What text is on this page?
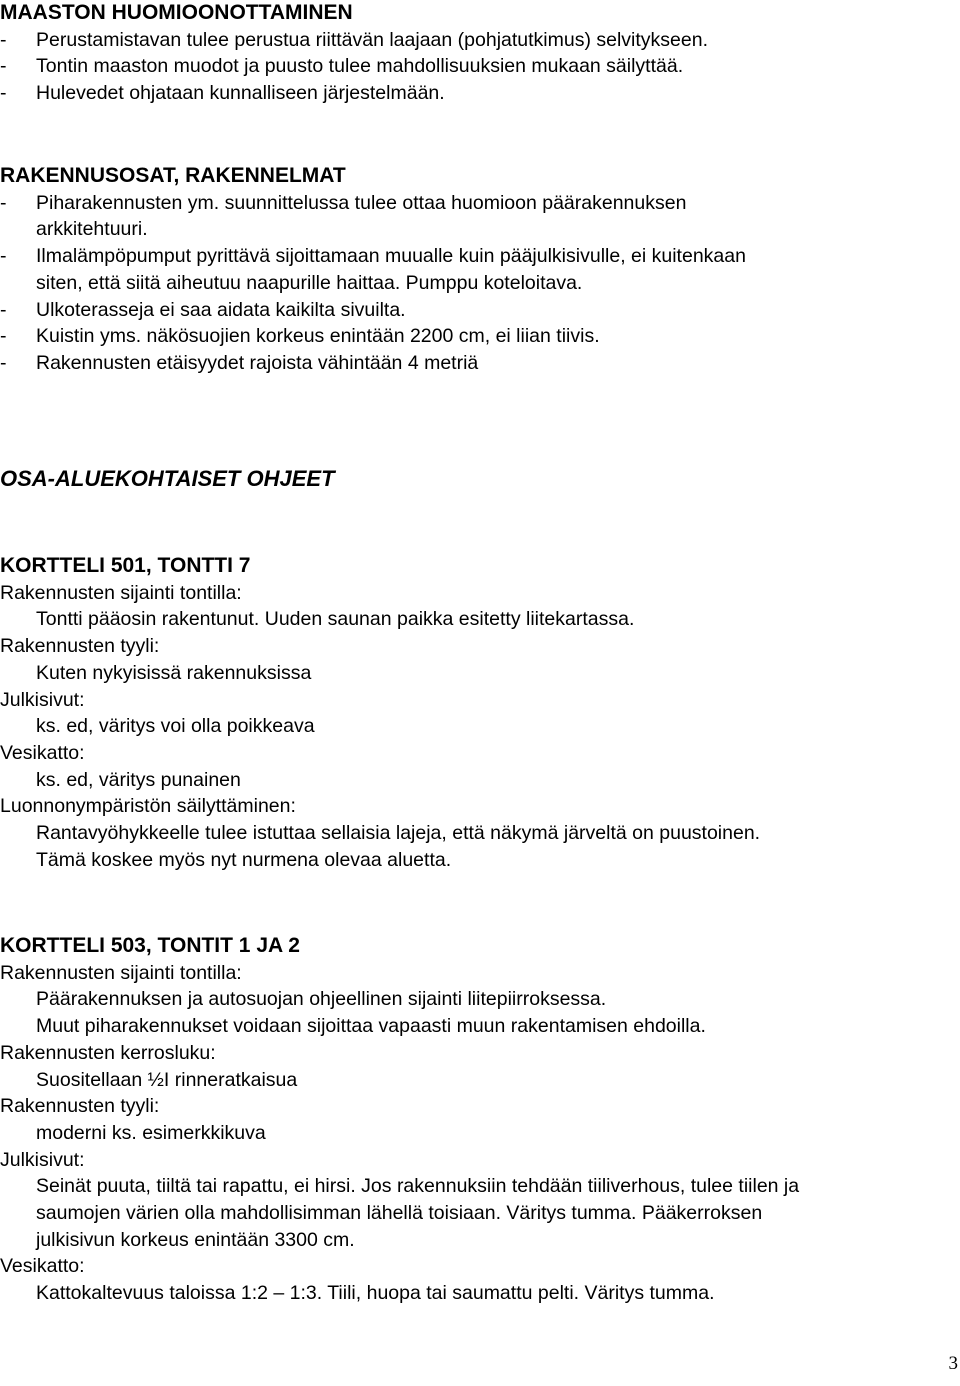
MAASTON HUOMIOONOTTAMINEN
-	Perustamistavan tulee perustua riittävän laajaan (pohjatutkimus) selvitykseen.
-	Tontin maaston muodot ja puusto tulee mahdollisuuksien mukaan säilyttää.
-	Hulevedet ohjataan kunnalliseen järjestelmään.
RAKENNUSOSAT, RAKENNELMAT
-	Piharakennusten ym. suunnittelussa tulee ottaa huomioon päärakennuksen
arkkitehtuuri.
-	Ilmalämpöpumput pyrittävä sijoittamaan muualle kuin pääjulkisivulle, ei kuitenkaan
siten, että siitä aiheutuu naapurille haittaa. Pumppu koteloitava.
-	Ulkoterasseja ei saa aidata kaikilta sivuilta.
-	Kuistin yms. näkösuojien korkeus enintään 2200 cm, ei liian tiivis.
-	Rakennusten etäisyydet rajoista vähintään 4 metriä
OSA-ALUEKOHTAISET OHJEET
KORTTELI 501, TONTTI 7
Rakennusten sijainti tontilla:
Tontti pääosin rakentunut. Uuden saunan paikka esitetty liitekartassa.
Rakennusten tyyli:
Kuten nykyisissä rakennuksissa
Julkisivut:
ks. ed, väritys voi olla poikkeava
Vesikatto:
ks. ed, väritys punainen
Luonnonympäristön säilyttäminen:
Rantavyöhykkeelle tulee istuttaa sellaisia lajeja, että näkymä järveltä on puustoinen.
Tämä koskee myös nyt nurmena olevaa aluetta.
KORTTELI 503, TONTIT 1 JA 2
Rakennusten sijainti tontilla:
Päärakennuksen ja autosuojan ohjeellinen sijainti liitepiirroksessa.
Muut piharakennukset voidaan sijoittaa vapaasti muun rakentamisen ehdoilla.
Rakennusten kerrosluku:
Suositellaan ½I rinneratkaisua
Rakennusten tyyli:
moderni ks. esimerkkikuva
Julkisivut:
Seinät puuta, tiiltä tai rapattu, ei hirsi. Jos rakennuksiin tehdään tiiliverhous, tulee tiilen ja
saumojen värien olla mahdollisimman lähellä toisiaan. Väritys tumma. Pääkerroksen
julkisivun korkeus enintään 3300 cm.
Vesikatto:
Kattokaltevuus taloissa 1:2 – 1:3. Tiili, huopa tai saumattu pelti. Väritys tumma.
3
